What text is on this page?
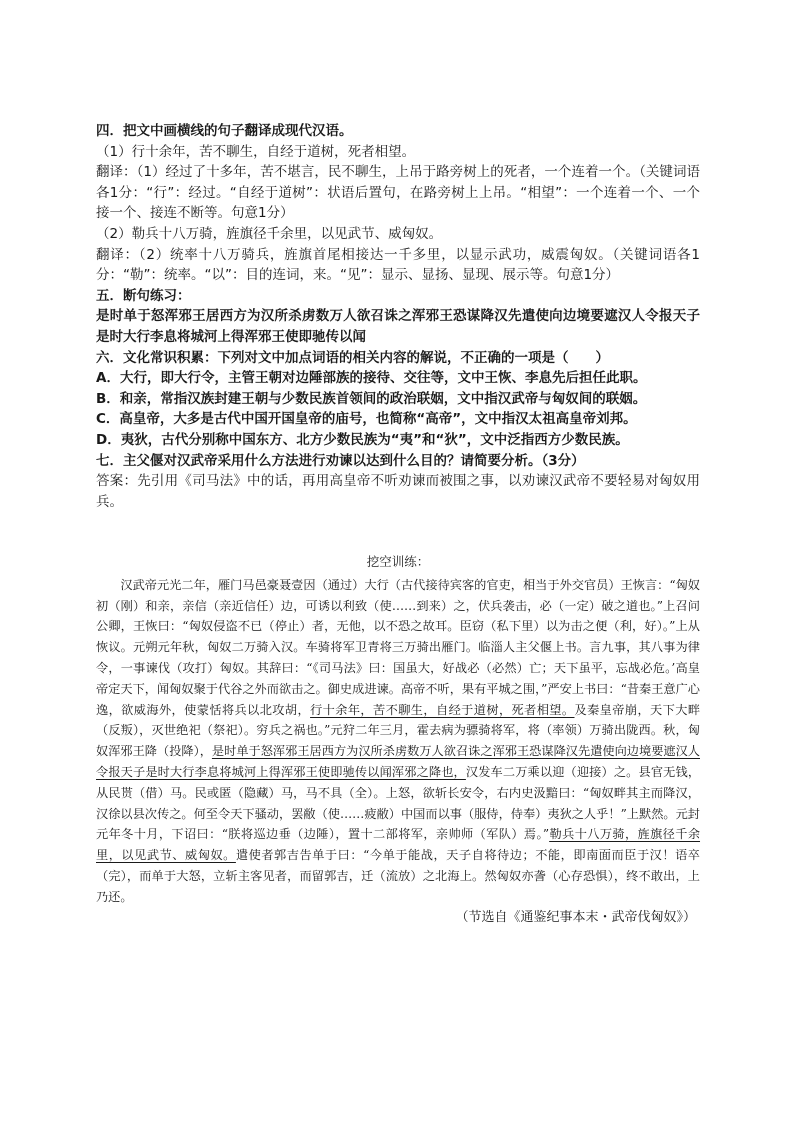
四．把文中画横线的句子翻译成现代汉语。

（1）行十余年，苦不聊生，自经于道树，死者相望。

翻译：（1）经过了十多年，苦不堪言，民不聊生，上吊于路旁树上的死者，一个连着一个。（关键词语各1分：“行”：经过。“自经于道树”：状语后置句，在路旁树上上吊。“相望”：一个连着一个、一个接一个、接连不断等。句意1分）

（2）勒兵十八万骑，旌旗径千余里，以见武节、威匈奴。

翻译：（2）统率十八万骑兵，旌旗首尾相接达一千多里，以显示武功，威震匈奴。（关键词语各1分：“勒”：统率。“以”：目的连词，来。“见”：显示、显扬、显现、展示等。句意1分）

五．断句练习：

是时单于怒浑邪王居西方为汉所杀虏数万人欲召诛之浑邪王恐谋降汉先遣使向边境要遮汉人令报天子是时大行李息将城河上得浑邪王使即驰传以闻

六．文化常识积累：下列对文中加点词语的相关内容的解说，不正确的一项是（　　）

A．大行，即大行令，主管王朝对边陲部族的接待、交往等，文中王恢、李息先后担任此职。

B．和亲，常指汉族封建王朝与少数民族首领间的政治联姻，文中指汉武帝与匈奴间的联姻。

C．高皇帝，大多是古代中国开国皇帝的庙号，也简称“高帝”，文中指汉太祖高皇帝刘邦。

D．夷狄，古代分别称中国东方、北方少数民族为“夷”和“狄”，文中泛指西方少数民族。

七．主父偃对汉武帝采用什么方法进行劝谏以达到什么目的？请简要分析。（3分）

答案：先引用《司马法》中的话，再用高皇帝不听劝谏而被围之事，以劝谏汉武帝不要轻易对匈奴用兵。

挖空训练：

汉武帝元光二年，雁门马邑豪聂壹因（通过）大行（古代接待宾客的官吏，相当于外交官员）王恢言：“匈奴初（刚）和亲，亲信（亲近信任）边，可诱以利致（使……到来）之，伏兵袭击，必（一定）破之道也。”上召问公卿，王恢曰：“匈奴侵盗不已（停止）者，无他，以不恐之故耳。臣窃（私下里）以为击之便（利，好）。”上从恢议。元朔元年秋，匈奴二万骑入汉。车骑将军卫青将三万骑出雁门。临淄人主父偃上书。言九事，其八事为律令，一事谏伐（攻打）匈奴。其辞曰：“《司马法》曰：国虽大，好战必（必然）亡；天下虽平，忘战必危。’高皇帝定天下，闻匈奴聚于代谷之外而欲击之。御史成进谏。高帝不听，果有平城之围，”严安上书曰：“昔秦王意广心逸，欲威海外，使蒙恬将兵以北攻胡，行十余年，苦不聊生，自经于道树，死者相望。及秦皇帝崩，天下大畔（反叛），灭世绝祀（祭祀）。穷兵之祸也。”元狩二年三月，霍去病为骠骑将军，将（率领）万骑出陇西。秋，匈奴浑邪王降（投降），是时单于怒浑邪王居西方为汉所杀虏数万人欲召诛之浑邪王恐谋降汉先遣使向边境要遮汉人令报天子是时大行李息将城河上得浑邪王使即驰传以闻浑邪之降也，汉发车二万乘以迎（迎接）之。县官无钱，从民贳（借）马。民或匿（隐藏）马，马不具（全）。上怒，欲斩长安令，右内史汲黯曰：“匈奴畔其主而降汉，汉徐以县次传之。何至令天下骚动，罢敝（使……疲敝）中国而以事（服侍，侍奉）夷狄之人乎！”上默然。元封元年冬十月，下诏曰：“朕将巡边垂（边陲），置十二部将军，亲帅师（军队）焉。”勒兵十八万骑，旌旗径千余里，以见武节、威匈奴。遣使者郭吉告单于曰：“今单于能战，天子自将待边；不能，即南面而臣于汉！语卒（完），而单于大怒，立斩主客见者，而留郭吉，迁（流放）之北海上。然匈奴亦詟（心存恐惧），终不敢出，上乃还。

（节选自《通鉴纪事本末・武帝伐匈奴》）
